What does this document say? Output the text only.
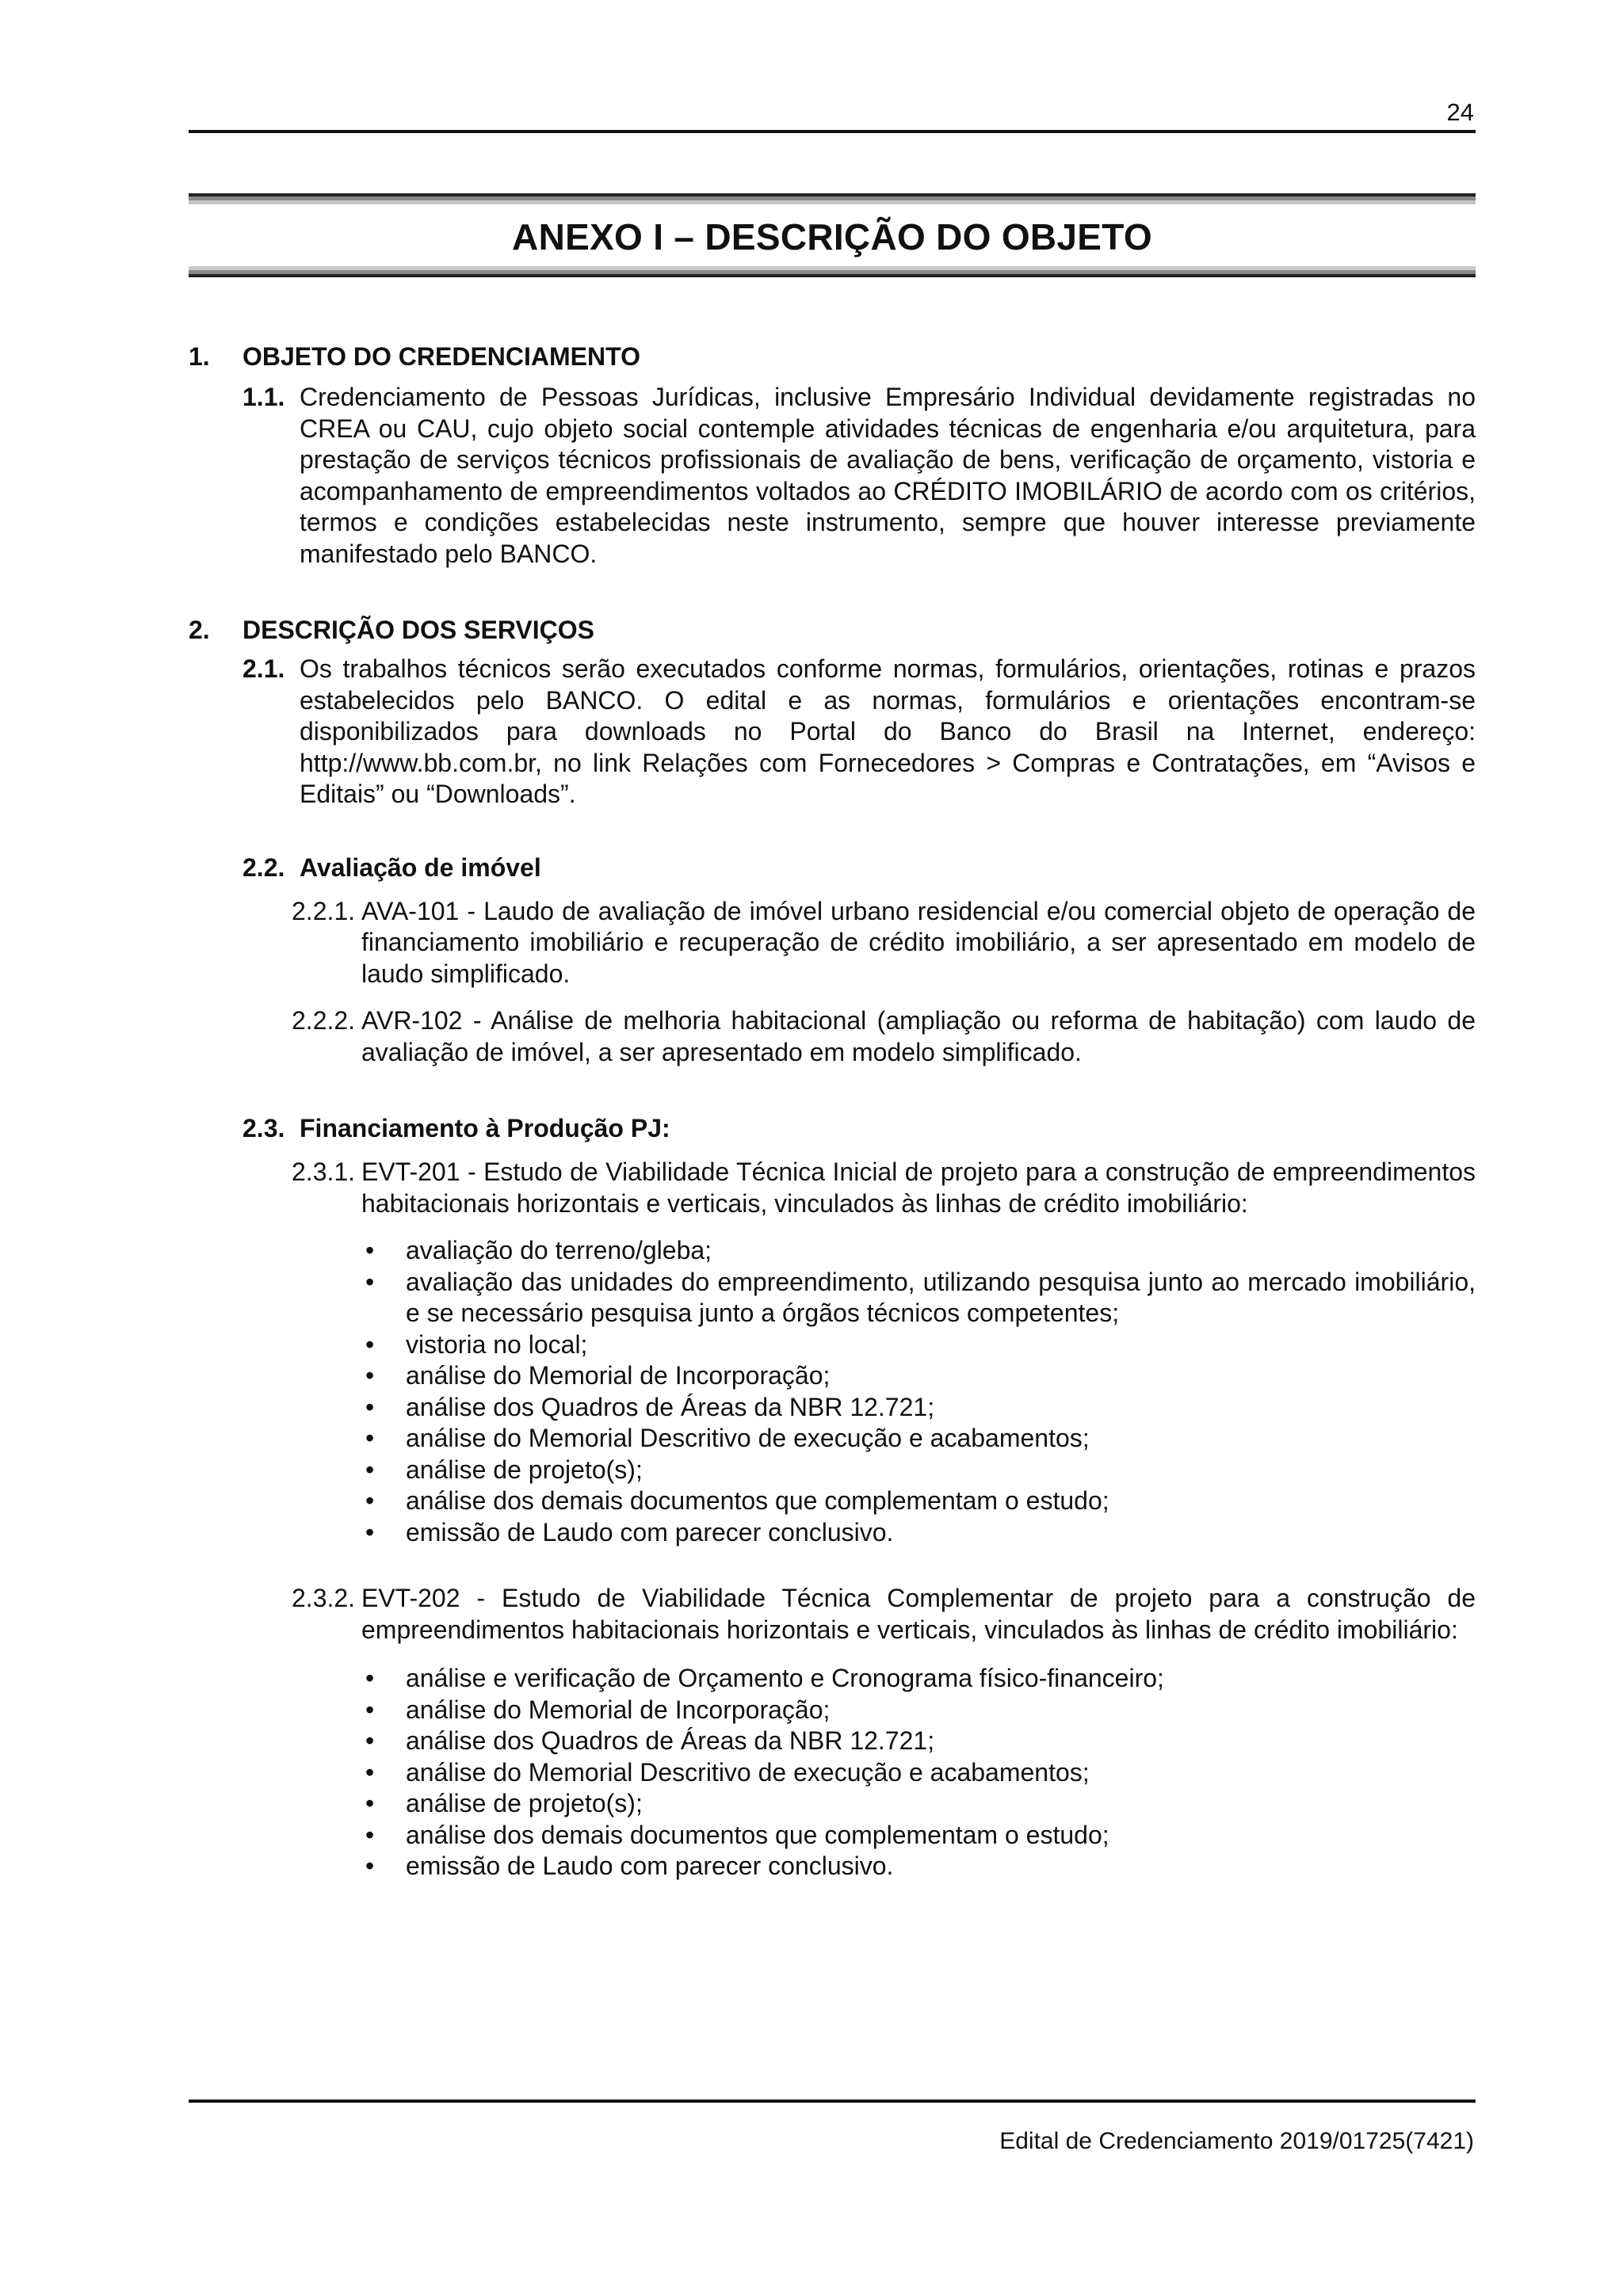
24
ANEXO I – DESCRIÇÃO DO OBJETO
1.	OBJETO DO CREDENCIAMENTO
1.1. Credenciamento de Pessoas Jurídicas, inclusive Empresário Individual devidamente registradas no CREA ou CAU, cujo objeto social contemple atividades técnicas de engenharia e/ou arquitetura, para prestação de serviços técnicos profissionais de avaliação de bens, verificação de orçamento, vistoria e acompanhamento de empreendimentos voltados ao CRÉDITO IMOBILÁRIO de acordo com os critérios, termos e condições estabelecidas neste instrumento, sempre que houver interesse previamente manifestado pelo BANCO.
2.	DESCRIÇÃO DOS SERVIÇOS
2.1. Os trabalhos técnicos serão executados conforme normas, formulários, orientações, rotinas e prazos estabelecidos pelo BANCO. O edital e as normas, formulários e orientações encontram-se disponibilizados para downloads no Portal do Banco do Brasil na Internet, endereço: http://www.bb.com.br, no link Relações com Fornecedores > Compras e Contratações, em “Avisos e Editais” ou “Downloads”.
2.2. Avaliação de imóvel
2.2.1. AVA-101 - Laudo de avaliação de imóvel urbano residencial e/ou comercial objeto de operação de financiamento imobiliário e recuperação de crédito imobiliário, a ser apresentado em modelo de laudo simplificado.
2.2.2. AVR-102 - Análise de melhoria habitacional (ampliação ou reforma de habitação) com laudo de avaliação de imóvel, a ser apresentado em modelo simplificado.
2.3. Financiamento à Produção PJ:
2.3.1. EVT-201 - Estudo de Viabilidade Técnica Inicial de projeto para a construção de empreendimentos habitacionais horizontais e verticais, vinculados às linhas de crédito imobiliário:
• avaliação do terreno/gleba;
• avaliação das unidades do empreendimento, utilizando pesquisa junto ao mercado imobiliário, e se necessário pesquisa junto a órgãos técnicos competentes;
• vistoria no local;
• análise do Memorial de Incorporação;
• análise dos Quadros de Áreas da NBR 12.721;
• análise do Memorial Descritivo de execução e acabamentos;
• análise de projeto(s);
• análise dos demais documentos que complementam o estudo;
• emissão de Laudo com parecer conclusivo.
2.3.2. EVT-202 - Estudo de Viabilidade Técnica Complementar de projeto para a construção de empreendimentos habitacionais horizontais e verticais, vinculados às linhas de crédito imobiliário:
• análise e verificação de Orçamento e Cronograma físico-financeiro;
• análise do Memorial de Incorporação;
• análise dos Quadros de Áreas da NBR 12.721;
• análise do Memorial Descritivo de execução e acabamentos;
• análise de projeto(s);
• análise dos demais documentos que complementam o estudo;
• emissão de Laudo com parecer conclusivo.
Edital de Credenciamento 2019/01725(7421)
